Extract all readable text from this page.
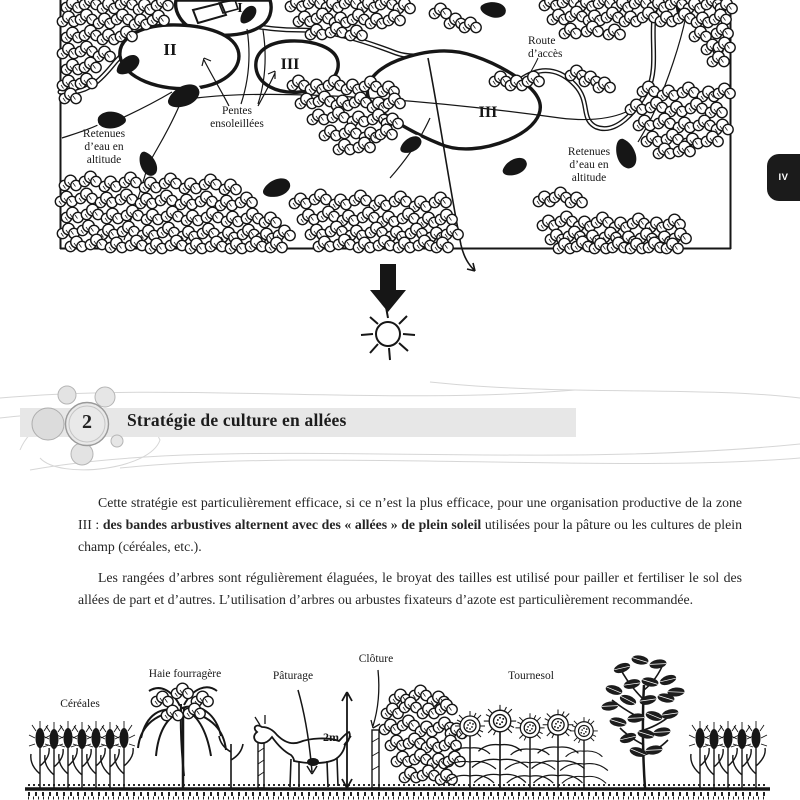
I
II
III
III
Route
d’accès
Pentes
ensoleillées
Retenues
d’eau en
altitude
Retenues
d’eau en
altitude	IV
2 Stratégie de culture en allées

Cette stratégie est particulièrement efficace, si ce n’est la plus efficace, pour une organisation productive de la zone III : des bandes arbustives alternent avec des « allées » de plein soleil utilisées pour la pâture ou les cultures de plein champ (céréales, etc.).

Les rangées d’arbres sont régulièrement élaguées, le broyat des tailles est utilisé pour pailler et fertiliser le sol des allées de part et d’autres. L’utilisation d’arbres ou arbustes fixateurs d’azote est particulièrement recommandée.

Céréales
Haie fourragère	Pâturage
Clôture
Tournesol
2m
